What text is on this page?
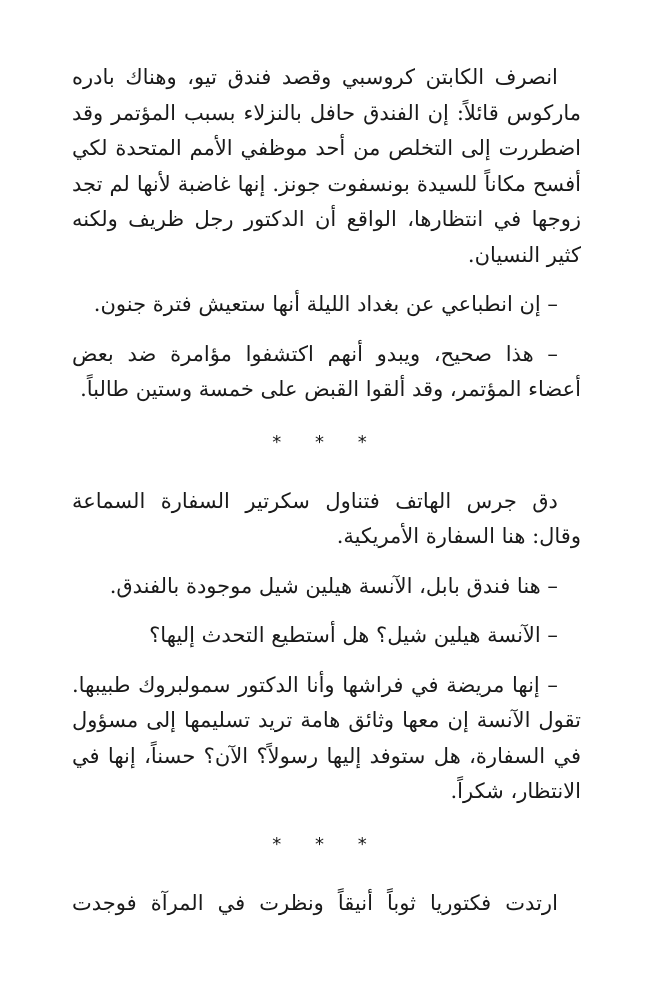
انصرف الكابتن كروسبي وقصد فندق تيو، وهناك بادره ماركوس قائلاً: إن الفندق حافل بالنزلاء بسبب المؤتمر وقد اضطررت إلى التخلص من أحد موظفي الأمم المتحدة لكي أفسح مكاناً للسيدة بونسفوت جونز. إنها غاضبة لأنها لم تجد زوجها في انتظارها، الواقع أن الدكتور رجل ظريف ولكنه كثير النسيان.

– إن انطباعي عن بغداد الليلة أنها ستعيش فترة جنون.

– هذا صحيح، ويبدو أنهم اكتشفوا مؤامرة ضد بعض أعضاء المؤتمر، وقد ألقوا القبض على خمسة وستين طالباً.

* * *

دق جرس الهاتف فتناول سكرتير السفارة السماعة وقال: هنا السفارة الأمريكية.

– هنا فندق بابل، الآنسة هيلين شيل موجودة بالفندق.

– الآنسة هيلين شيل؟ هل أستطيع التحدث إليها؟

– إنها مريضة في فراشها وأنا الدكتور سمولبروك طبيبها. تقول الآنسة إن معها وثائق هامة تريد تسليمها إلى مسؤول في السفارة، هل ستوفد إليها رسولاً؟ الآن؟ حسناً، إنها في الانتظار، شكراً.

* * *

ارتدت فكتوريا ثوباً أنيقاً ونظرت في المرآة فوجدت
